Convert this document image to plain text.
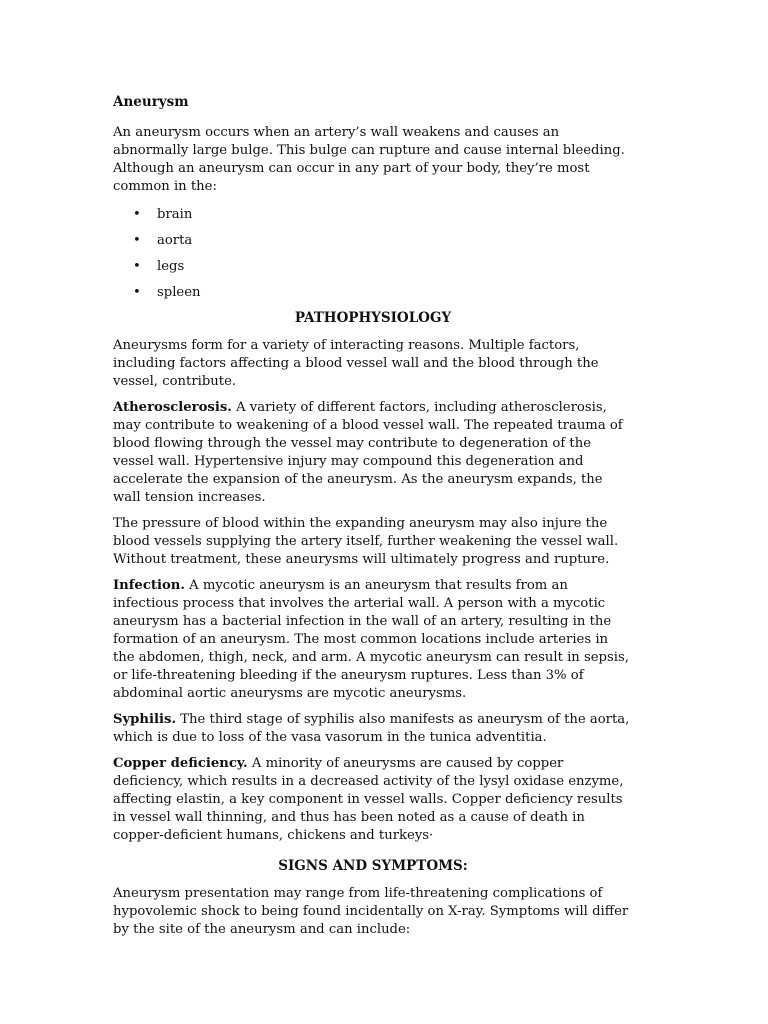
Aneurysm

An aneurysm occurs when an artery’s wall weakens and causes an abnormally large bulge. This bulge can rupture and cause internal bleeding. Although an aneurysm can occur in any part of your body, they’re most common in the:

• brain
• aorta
• legs
• spleen
PATHOPHYSIOLOGY

Aneurysms form for a variety of interacting reasons. Multiple factors, including factors affecting a blood vessel wall and the blood through the vessel, contribute.

Atherosclerosis. A variety of different factors, including atherosclerosis, may contribute to weakening of a blood vessel wall. The repeated trauma of blood flowing through the vessel may contribute to degeneration of the vessel wall. Hypertensive injury may compound this degeneration and accelerate the expansion of the aneurysm. As the aneurysm expands, the wall tension increases.

The pressure of blood within the expanding aneurysm may also injure the blood vessels supplying the artery itself, further weakening the vessel wall. Without treatment, these aneurysms will ultimately progress and rupture.

Infection. A mycotic aneurysm is an aneurysm that results from an infectious process that involves the arterial wall. A person with a mycotic aneurysm has a bacterial infection in the wall of an artery, resulting in the formation of an aneurysm. The most common locations include arteries in the abdomen, thigh, neck, and arm. A mycotic aneurysm can result in sepsis, or life-threatening bleeding if the aneurysm ruptures. Less than 3% of abdominal aortic aneurysms are mycotic aneurysms.

Syphilis. The third stage of syphilis also manifests as aneurysm of the aorta, which is due to loss of the vasa vasorum in the tunica adventitia.

Copper deficiency. A minority of aneurysms are caused by copper deficiency, which results in a decreased activity of the lysyl oxidase enzyme, affecting elastin, a key component in vessel walls. Copper deficiency results in vessel wall thinning, and thus has been noted as a cause of death in copper-deficient humans, chickens and turkeys·

SIGNS AND SYMPTOMS:

Aneurysm presentation may range from life-threatening complications of hypovolemic shock to being found incidentally on X-ray. Symptoms will differ by the site of the aneurysm and can include:
